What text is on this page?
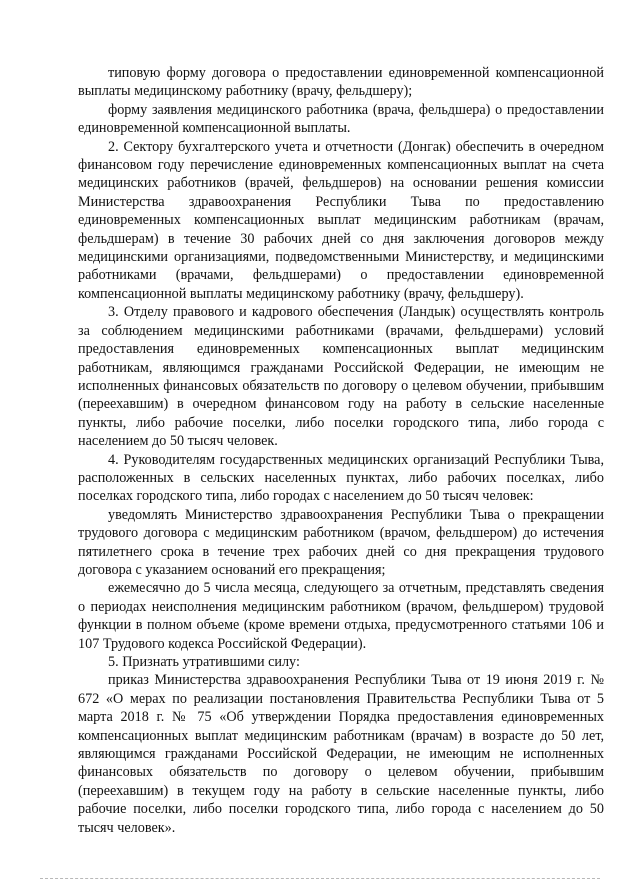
типовую форму договора о предоставлении единовременной компенсационной выплаты медицинскому работнику (врачу, фельдшеру);

форму заявления медицинского работника (врача, фельдшера) о предоставлении единовременной компенсационной выплаты.

2. Сектору бухгалтерского учета и отчетности (Донгак) обеспечить в очередном финансовом году перечисление единовременных компенсационных выплат на счета медицинских работников (врачей, фельдшеров) на основании решения комиссии Министерства здравоохранения Республики Тыва по предоставлению единовременных компенсационных выплат медицинским работникам (врачам, фельдшерам) в течение 30 рабочих дней со дня заключения договоров между медицинскими организациями, подведомственными Министерству, и медицинскими работниками (врачами, фельдшерами) о предоставлении единовременной компенсационной выплаты медицинскому работнику (врачу, фельдшеру).

3. Отделу правового и кадрового обеспечения (Ландык) осуществлять контроль за соблюдением медицинскими работниками (врачами, фельдшерами) условий предоставления единовременных компенсационных выплат медицинским работникам, являющимся гражданами Российской Федерации, не имеющим не исполненных финансовых обязательств по договору о целевом обучении, прибывшим (переехавшим) в очередном финансовом году на работу в сельские населенные пункты, либо рабочие поселки, либо поселки городского типа, либо города с населением до 50 тысяч человек.

4. Руководителям государственных медицинских организаций Республики Тыва, расположенных в сельских населенных пунктах, либо рабочих поселках, либо поселках городского типа, либо городах с населением до 50 тысяч человек:

уведомлять Министерство здравоохранения Республики Тыва о прекращении трудового договора с медицинским работником (врачом, фельдшером) до истечения пятилетнего срока в течение трех рабочих дней со дня прекращения трудового договора с указанием оснований его прекращения;

ежемесячно до 5 числа месяца, следующего за отчетным, представлять сведения о периодах неисполнения медицинским работником (врачом, фельдшером) трудовой функции в полном объеме (кроме времени отдыха, предусмотренного статьями 106 и 107 Трудового кодекса Российской Федерации).

5. Признать утратившими силу:

приказ Министерства здравоохранения Республики Тыва от 19 июня 2019 г. № 672 «О мерах по реализации постановления Правительства Республики Тыва от 5 марта 2018 г. № 75 «Об утверждении Порядка предоставления единовременных компенсационных выплат медицинским работникам (врачам) в возрасте до 50 лет, являющимся гражданами Российской Федерации, не имеющим не исполненных финансовых обязательств по договору о целевом обучении, прибывшим (переехавшим) в текущем году на работу в сельские населенные пункты, либо рабочие поселки, либо поселки городского типа, либо города с населением до 50 тысяч человек».
